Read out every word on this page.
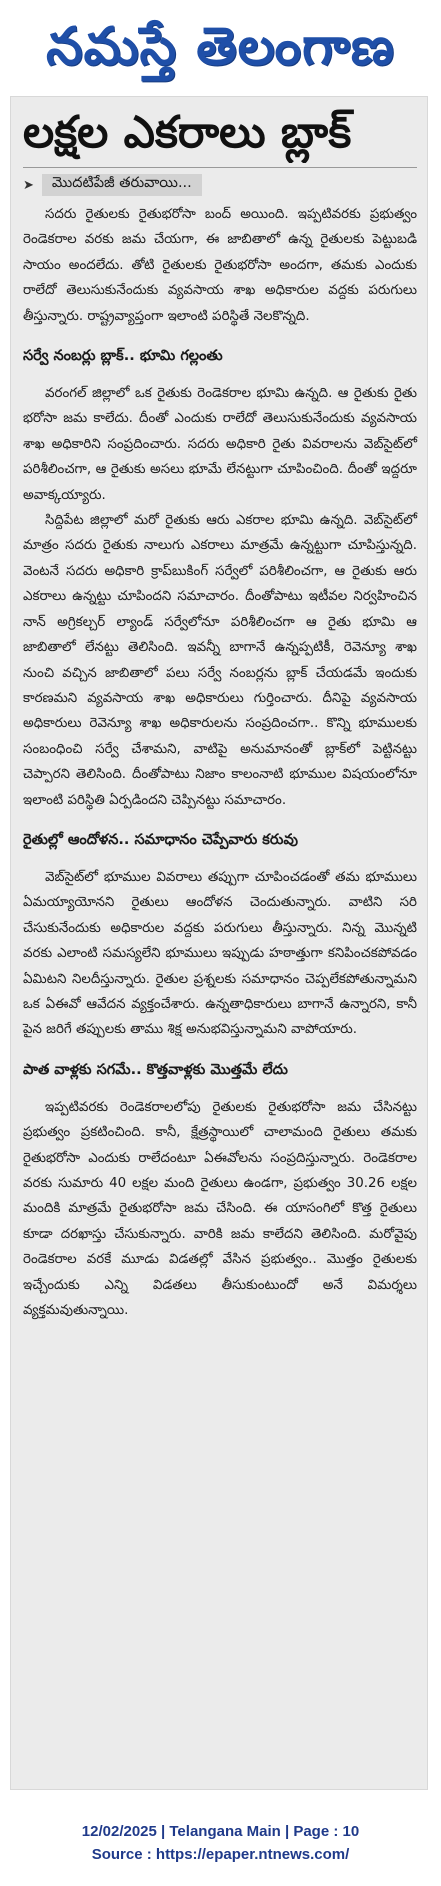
నమస్తే తెలంగాణ
లక్షల ఎకరాలు బ్లాక్
➤	మొదటిపేజీ తరువాయి...

సదరు రైతులకు రైతుభరోసా బంద్ అయింది. ఇప్పటివరకు ప్రభుత్వం రెండెకరాల వరకు జమ చేయగా, ఈ జాబితాలో ఉన్న రైతులకు పెట్టుబడి సాయం అందలేదు. తోటి రైతులకు రైతుభరోసా అందగా, తమకు ఎందుకు రాలేదో తెలుసుకునేందుకు వ్యవసాయ శాఖ అధికారుల వద్దకు పరుగులు తీస్తున్నారు. రాష్ట్రవ్యాప్తంగా ఇలాంటి పరిస్థితే నెలకొన్నది.

సర్వే నంబర్లు బ్లాక్.. భూమి గల్లంతు

వరంగల్ జిల్లాలో ఒక రైతుకు రెండెకరాల భూమి ఉన్నది. ఆ రైతుకు రైతు భరోసా జమ కాలేదు. దీంతో ఎందుకు రాలేదో తెలుసుకునేందుకు వ్యవసాయ శాఖ అధికారిని సంప్రదించారు. సదరు అధికారి రైతు వివరాలను వెబ్‌సైట్‌లో పరిశీలించగా, ఆ రైతుకు అసలు భూమే లేనట్టుగా చూపించింది. దీంతో ఇద్దరూ అవాక్కయ్యారు.

సిద్దిపేట జిల్లాలో మరో రైతుకు ఆరు ఎకరాల భూమి ఉన్నది. వెబ్‌సైట్‌లో మాత్రం సదరు రైతుకు నాలుగు ఎకరాలు మాత్రమే ఉన్నట్టుగా చూపిస్తున్నది. వెంటనే సదరు అధికారి క్రాప్‌బుకింగ్ సర్వేలో పరిశీలించగా, ఆ రైతుకు ఆరు ఎకరాలు ఉన్నట్టు చూపిందని సమాచారం. దీంతోపాటు ఇటీవల నిర్వహించిన నాన్ అగ్రికల్చర్ ల్యాండ్ సర్వేలోనూ పరిశీలించగా ఆ రైతు భూమి ఆ జాబితాలో లేనట్టు తెలిసింది. ఇవన్నీ బాగానే ఉన్నప్పటికీ, రెవెన్యూ శాఖ నుంచి వచ్చిన జాబితాలో పలు సర్వే నంబర్లను బ్లాక్ చేయడమే ఇందుకు కారణమని వ్యవసాయ శాఖ అధికారులు గుర్తించారు. దీనిపై వ్యవసాయ అధికారులు రెవెన్యూ శాఖ అధికారులను సంప్రదించగా.. కొన్ని భూములకు సంబంధించి సర్వే చేశామని, వాటిపై అనుమానంతో బ్లాక్‌లో పెట్టినట్టు చెప్పారని తెలిసింది. దీంతోపాటు నిజాం కాలంనాటి భూముల విషయంలోనూ ఇలాంటి పరిస్థితి ఏర్పడిందని చెప్పినట్టు సమాచారం.

రైతుల్లో ఆందోళన.. సమాధానం చెప్పేవారు కరువు

వెబ్‌సైట్‌లో భూముల వివరాలు తప్పుగా చూపించడంతో తమ భూములు ఏమయ్యాయోనని రైతులు ఆందోళన చెందుతున్నారు. వాటిని సరి చేసుకునేందుకు అధికారుల వద్దకు పరుగులు తీస్తున్నారు. నిన్న మొన్నటి వరకు ఎలాంటి సమస్యలేని భూములు ఇప్పుడు హఠాత్తుగా కనిపించకపోవడం ఏమిటని నిలదీస్తున్నారు. రైతుల ప్రశ్నలకు సమాధానం చెప్పలేకపోతున్నామని ఒక ఏఈవో ఆవేదన వ్యక్తంచేశారు. ఉన్నతాధికారులు బాగానే ఉన్నారని, కానీ పైన జరిగే తప్పులకు తాము శిక్ష అనుభవిస్తున్నామని వాపోయారు.

పాత వాళ్లకు సగమే.. కొత్తవాళ్లకు మొత్తమే లేదు

ఇప్పటివరకు రెండెకరాలలోపు రైతులకు రైతుభరోసా జమ చేసినట్టు ప్రభుత్వం ప్రకటించింది. కానీ, క్షేత్రస్థాయిలో చాలామంది రైతులు తమకు రైతుభరోసా ఎందుకు రాలేదంటూ ఏఈవోలను సంప్రదిస్తున్నారు. రెండెకరాల వరకు సుమారు 40 లక్షల మంది రైతులు ఉండగా, ప్రభుత్వం 30.26 లక్షల మందికి మాత్రమే రైతుభరోసా జమ చేసింది. ఈ యాసంగిలో కొత్త రైతులు కూడా దరఖాస్తు చేసుకున్నారు. వారికి జమ కాలేదని తెలిసింది. మరోవైపు రెండెకరాల వరకే మూడు విడతల్లో వేసిన ప్రభుత్వం.. మొత్తం రైతులకు ఇచ్చేందుకు ఎన్ని విడతలు తీసుకుంటుందో అనే విమర్శలు వ్యక్తమవుతున్నాయి.

12/02/2025 | Telangana Main | Page : 10
Source : https://epaper.ntnews.com/
